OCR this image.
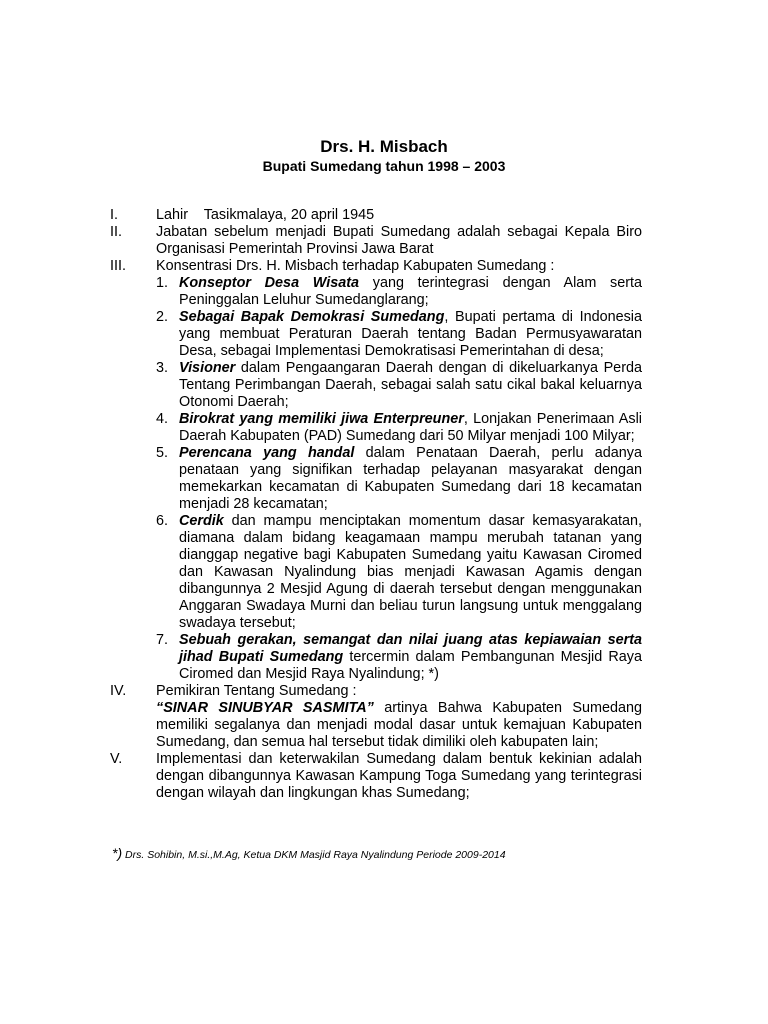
Drs. H. Misbach
Bupati Sumedang tahun 1998 – 2003
I.	Lahir    Tasikmalaya, 20 april 1945
II. Jabatan sebelum menjadi Bupati Sumedang adalah sebagai Kepala Biro Organisasi Pemerintah Provinsi Jawa Barat
III. Konsentrasi Drs. H. Misbach terhadap Kabupaten Sumedang :
1. Konseptor Desa Wisata yang terintegrasi dengan Alam serta Peninggalan Leluhur Sumedanglarang;
2. Sebagai Bapak Demokrasi Sumedang, Bupati pertama di Indonesia yang membuat Peraturan Daerah tentang Badan Permusyawaratan Desa, sebagai Implementasi Demokratisasi Pemerintahan di desa;
3. Visioner dalam Pengaangaran Daerah dengan di dikeluarkanya Perda Tentang Perimbangan Daerah, sebagai salah satu cikal bakal keluarnya Otonomi Daerah;
4. Birokrat yang memiliki jiwa Enterpreuner, Lonjakan Penerimaan Asli Daerah Kabupaten (PAD) Sumedang dari 50 Milyar menjadi 100 Milyar;
5. Perencana yang handal dalam Penataan Daerah, perlu adanya penataan yang signifikan terhadap pelayanan masyarakat dengan memekarkan kecamatan di Kabupaten Sumedang dari 18 kecamatan menjadi 28 kecamatan;
6. Cerdik dan mampu menciptakan momentum dasar kemasyarakatan, diamana dalam bidang keagamaan mampu merubah tatanan yang dianggap negative bagi Kabupaten Sumedang yaitu Kawasan Ciromed dan Kawasan Nyalindung bias menjadi Kawasan Agamis dengan dibangunnya 2 Mesjid Agung di daerah tersebut dengan menggunakan Anggaran Swadaya Murni dan beliau turun langsung untuk menggalang swadaya tersebut;
7. Sebuah gerakan, semangat dan nilai juang atas kepiawaian serta jihad Bupati Sumedang tercermin dalam Pembangunan Mesjid Raya Ciromed dan Mesjid Raya Nyalindung; *)
IV. Pemikiran Tentang Sumedang :
“SINAR SINUBYAR SASMITA” artinya Bahwa Kabupaten Sumedang memiliki segalanya dan menjadi modal dasar untuk kemajuan Kabupaten Sumedang, dan semua hal tersebut tidak dimiliki oleh kabupaten lain;
V. Implementasi dan keterwakilan Sumedang dalam bentuk kekinian adalah dengan dibangunnya Kawasan Kampung Toga Sumedang yang terintegrasi dengan wilayah dan lingkungan khas Sumedang;
*) Drs. Sohibin, M.si.,M.Ag, Ketua DKM Masjid Raya Nyalindung Periode 2009-2014
